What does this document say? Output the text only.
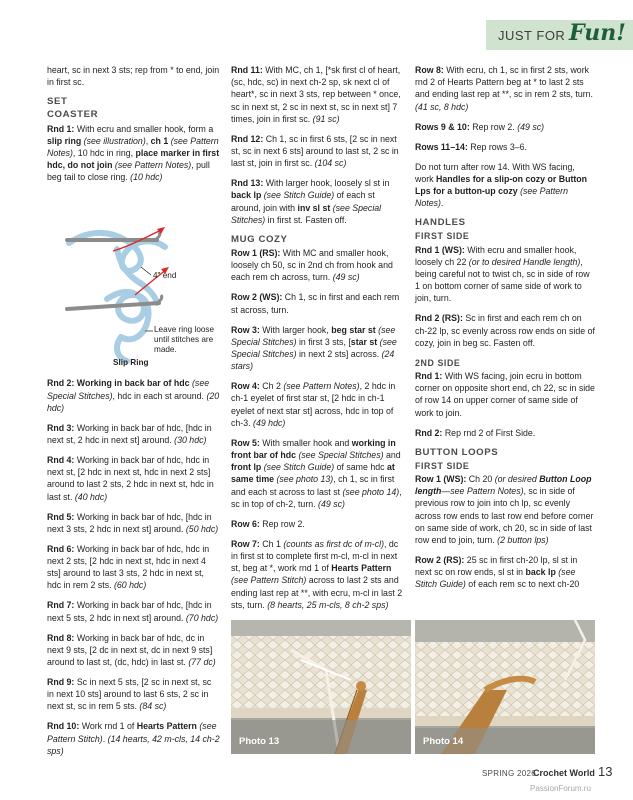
JUST FOR Fun!

heart, sc in next 3 sts; rep from * to end, join in first sc.

SET
COASTER

Rnd 1: With ecru and smaller hook, form a slip ring (see illustration), ch 1 (see Pattern Notes), 10 hdc in ring, place marker in first hdc, do not join (see Pattern Notes), pull beg tail to close ring. (10 hdc)

4" end
Leave ring loose until stitches are made.
Slip Ring

Rnd 2: Working in back bar of hdc (see Special Stitches), hdc in each st around. (20 hdc)

Rnd 3: Working in back bar of hdc, [hdc in next st, 2 hdc in next st] around. (30 hdc)

Rnd 4: Working in back bar of hdc, hdc in next st, [2 hdc in next st, hdc in next 2 sts] around to last 2 sts, 2 hdc in next st, hdc in last st. (40 hdc)

Rnd 5: Working in back bar of hdc, [hdc in next 3 sts, 2 hdc in next st] around. (50 hdc)

Rnd 6: Working in back bar of hdc, hdc in next 2 sts, [2 hdc in next st, hdc in next 4 sts] around to last 3 sts, 2 hdc in next st, hdc in rem 2 sts. (60 hdc)

Rnd 7: Working in back bar of hdc, [hdc in next 5 sts, 2 hdc in next st] around. (70 hdc)

Rnd 8: Working in back bar of hdc, dc in next 9 sts, [2 dc in next st, dc in next 9 sts] around to last st, (dc, hdc) in last st. (77 dc)

Rnd 9: Sc in next 5 sts, [2 sc in next st, sc in next 10 sts] around to last 6 sts, 2 sc in next st, sc in rem 5 sts. (84 sc)

Rnd 10: Work rnd 1 of Hearts Pattern (see Pattern Stitch). (14 hearts, 42 m-cls, 14 ch-2 sps)

Rnd 11: With MC, ch 1, [*sk first cl of heart, (sc, hdc, sc) in next ch-2 sp, sk next cl of heart*, sc in next 3 sts, rep between * once, sc in next st, 2 sc in next st, sc in next st] 7 times, join in first sc. (91 sc)

Rnd 12: Ch 1, sc in first 6 sts, [2 sc in next st, sc in next 6 sts] around to last st, 2 sc in last st, join in first sc. (104 sc)

Rnd 13: With larger hook, loosely sl st in back lp (see Stitch Guide) of each st around, join with inv sl st (see Special Stitches) in first st. Fasten off.

MUG COZY

Row 1 (RS): With MC and smaller hook, loosely ch 50, sc in 2nd ch from hook and each rem ch across, turn. (49 sc)

Row 2 (WS): Ch 1, sc in first and each rem st across, turn.

Row 3: With larger hook, beg star st (see Special Stitches) in first 3 sts, [star st (see Special Stitches) in next 2 sts] across. (24 stars)

Row 4: Ch 2 (see Pattern Notes), 2 hdc in ch-1 eyelet of first star st, [2 hdc in ch-1 eyelet of next star st] across, hdc in top of ch-3. (49 hdc)

Row 5: With smaller hook and working in front bar of hdc (see Special Stitches) and front lp (see Stitch Guide) of same hdc at same time (see photo 13), ch 1, sc in first and each st across to last st (see photo 14), sc in top of ch-2, turn. (49 sc)

Row 6: Rep row 2.

Row 7: Ch 1 (counts as first dc of m-cl), dc in first st to complete first m-cl, m-cl in next st, beg at *, work rnd 1 of Hearts Pattern (see Pattern Stitch) across to last 2 sts and ending last rep at **, with ecru, m-cl in last 2 sts, turn. (8 hearts, 25 m-cls, 8 ch-2 sps)

Row 8: With ecru, ch 1, sc in first 2 sts, work rnd 2 of Hearts Pattern beg at * to last 2 sts and ending last rep at **, sc in rem 2 sts, turn. (41 sc, 8 hdc)

Rows 9 & 10: Rep row 2. (49 sc)

Rows 11–14: Rep rows 3–6.

Do not turn after row 14. With WS facing, work Handles for a slip-on cozy or Button Lps for a button-up cozy (see Pattern Notes).

HANDLES
FIRST SIDE

Rnd 1 (WS): With ecru and smaller hook, loosely ch 22 (or to desired Handle length), being careful not to twist ch, sc in side of row 1 on bottom corner of same side of work to join, turn.

Rnd 2 (RS): Sc in first and each rem ch on ch-22 lp, sc evenly across row ends on side of cozy, join in beg sc. Fasten off.

2ND SIDE

Rnd 1: With WS facing, join ecru in bottom corner on opposite short end, ch 22, sc in side of row 14 on upper corner of same side of work to join.

Rnd 2: Rep rnd 2 of First Side.

BUTTON LOOPS
FIRST SIDE

Row 1 (WS): Ch 20 (or desired Button Loop length—see Pattern Notes), sc in side of previous row to join into ch lp, sc evenly across row ends to last row end before corner on same side of work, ch 20, sc in side of last row end to join, turn. (2 button lps)

Row 2 (RS): 25 sc in first ch-20 lp, sl st in next sc on row ends, sl st in back lp (see Stitch Guide) of each rem sc to next ch-20

Photo 13	Photo 14
SPRING 2026
Crochet World 13
PassionForum.ru
